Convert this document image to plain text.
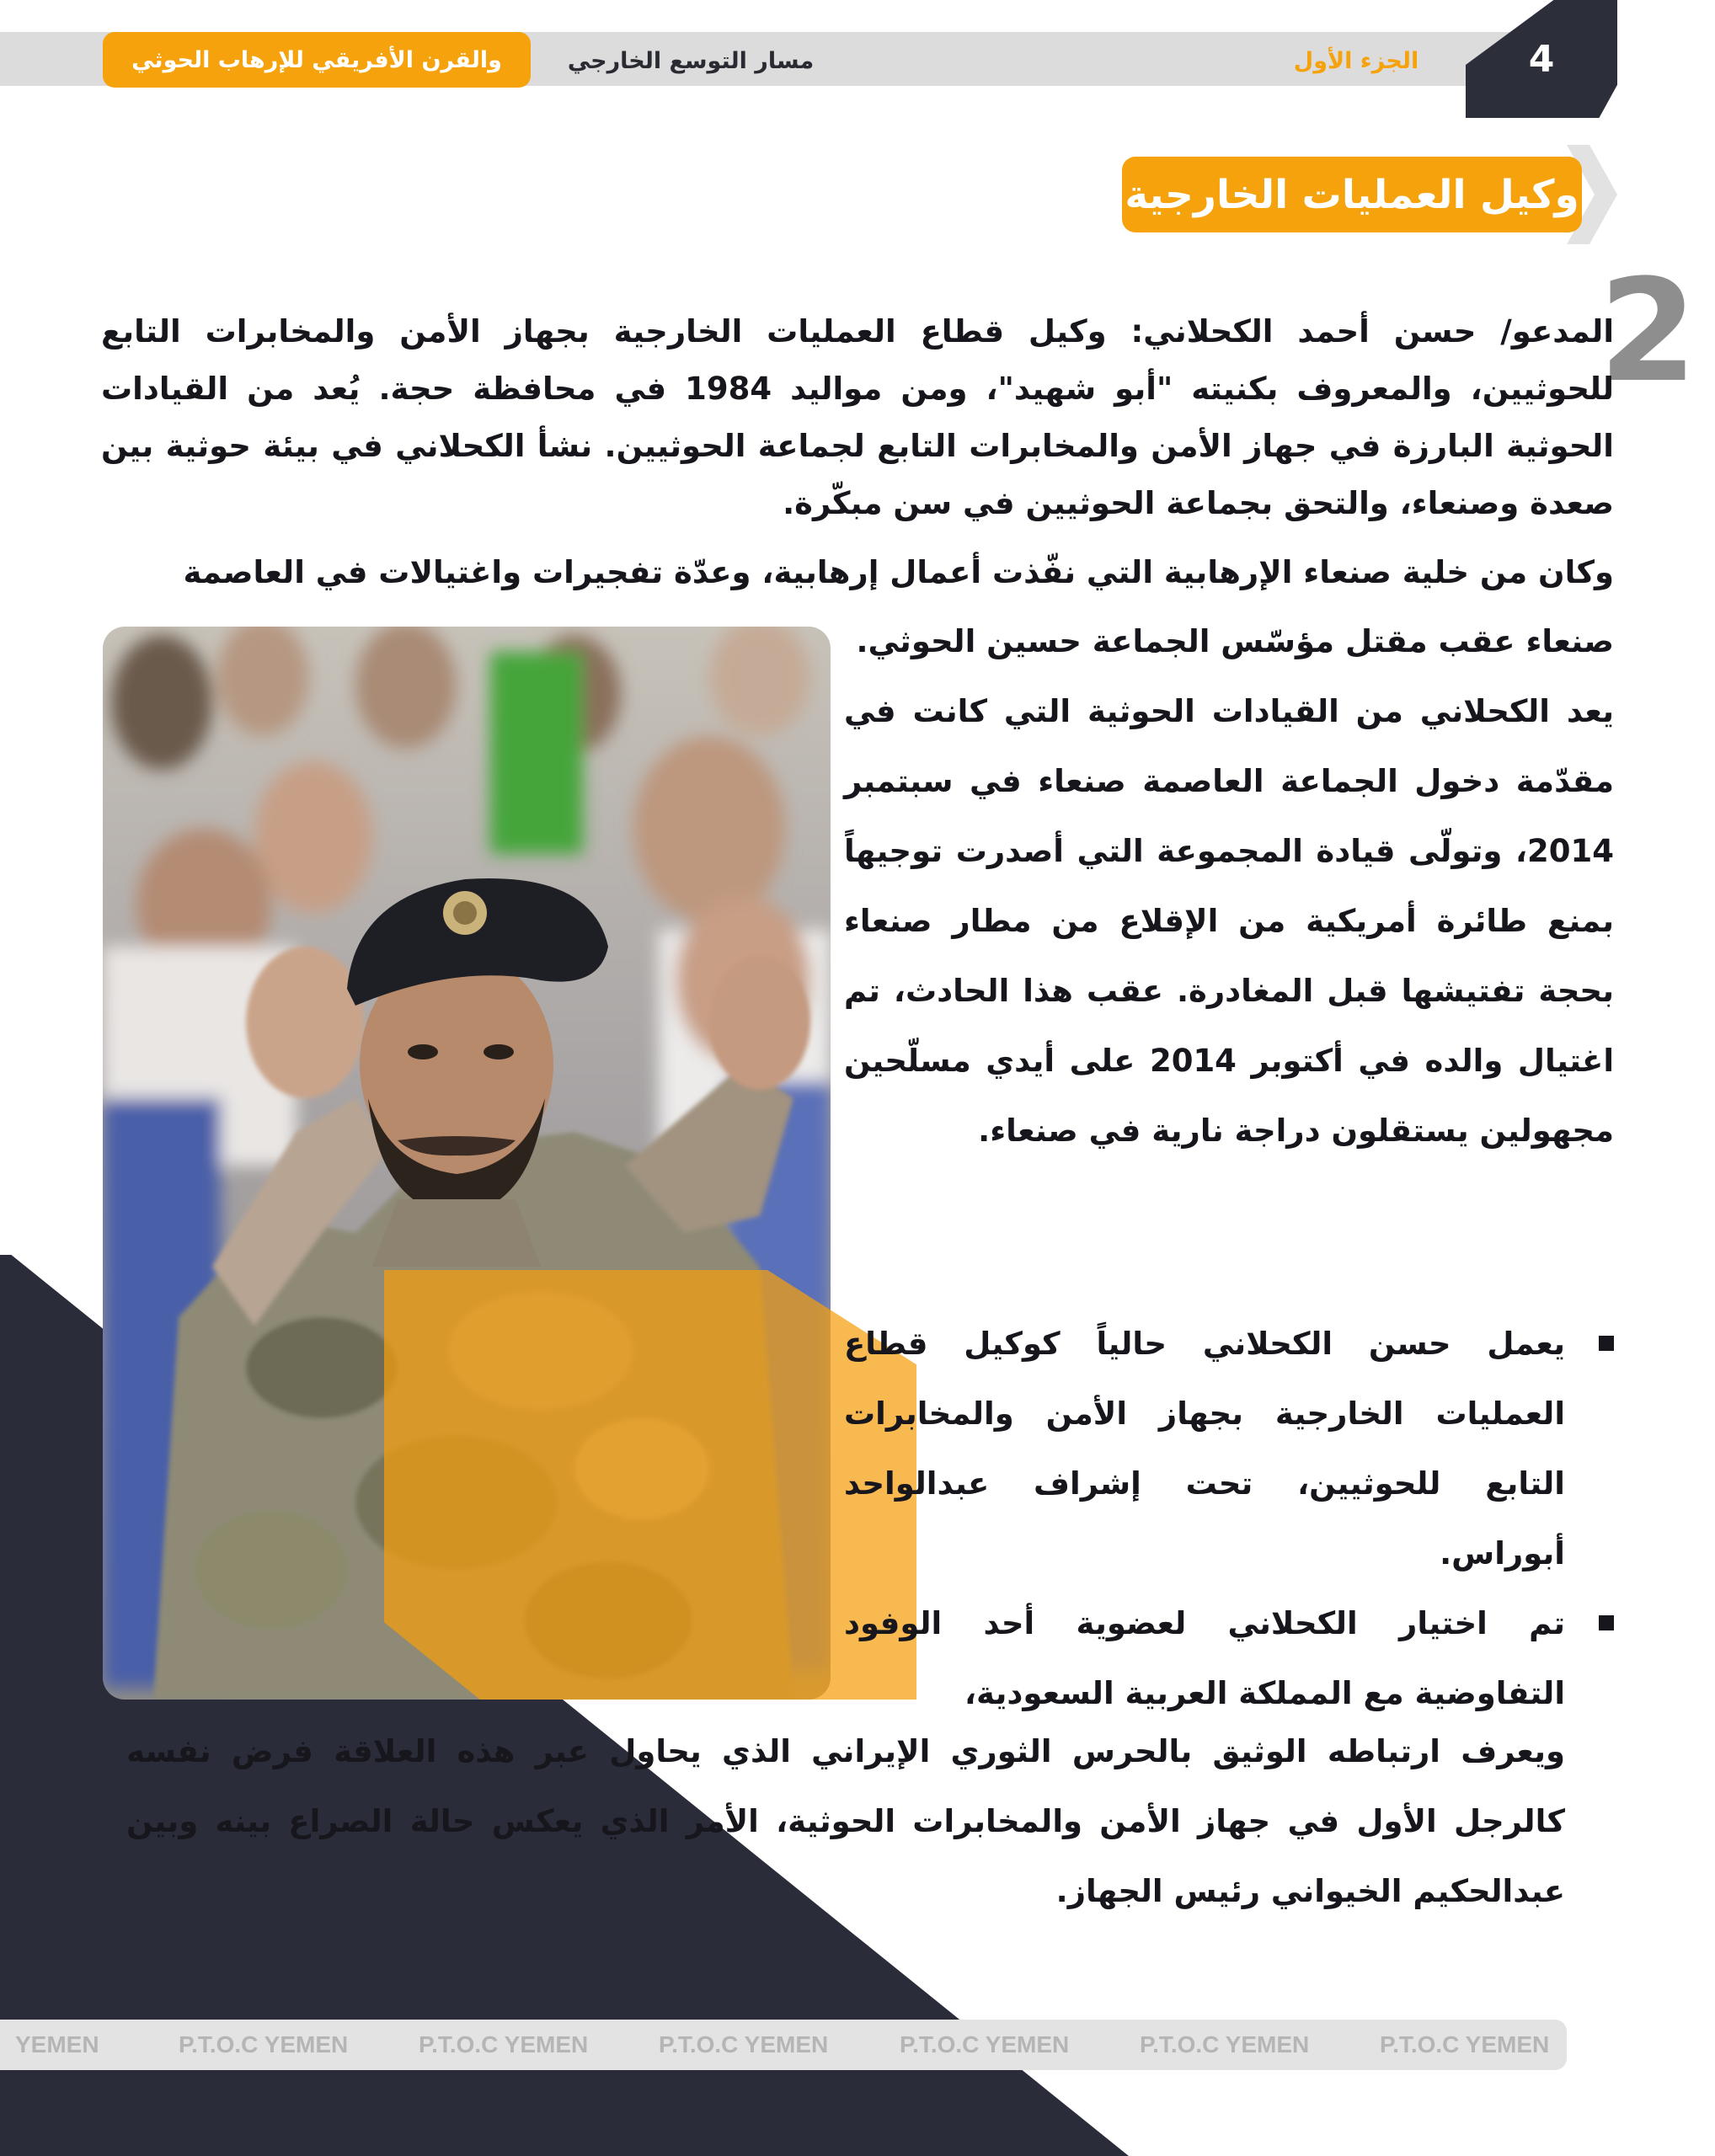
والقرن الأفريقي للإرهاب الحوثي	مسار التوسع الخارجي	الجزء الأول	4
وكيل العمليات الخارجية
2

المدعو/ حسن أحمد الكحلاني: وكيل قطاع العمليات الخارجية بجهاز الأمن والمخابرات التابع للحوثيين، والمعروف بكنيته "أبو شهيد"، ومن مواليد 1984 في محافظة حجة. يُعد من القيادات الحوثية البارزة في جهاز الأمن والمخابرات التابع لجماعة الحوثيين. نشأ الكحلاني في بيئة حوثية بين صعدة وصنعاء، والتحق بجماعة الحوثيين في سن مبكّرة.

وكان من خلية صنعاء الإرهابية التي نفّذت أعمال إرهابية، وعدّة تفجيرات واغتيالات في العاصمة

صنعاء عقب مقتل مؤسّس الجماعة حسين الحوثي.

يعد الكحلاني من القيادات الحوثية التي كانت في مقدّمة دخول الجماعة العاصمة صنعاء في سبتمبر 2014، وتولّى قيادة المجموعة التي أصدرت توجيهاً بمنع طائرة أمريكية من الإقلاع من مطار صنعاء بحجة تفتيشها قبل المغادرة. عقب هذا الحادث، تم اغتيال والده في أكتوبر 2014 على أيدي مسلّحين مجهولين يستقلون دراجة نارية في صنعاء.

يعمل حسن الكحلاني حالياً كوكيل قطاع العمليات الخارجية بجهاز الأمن والمخابرات التابع للحوثيين، تحت إشراف عبدالواحد أبوراس.
تم اختيار الكحلاني لعضوية أحد الوفود التفاوضية مع المملكة العربية السعودية،

ويعرف ارتباطه الوثيق بالحرس الثوري الإيراني الذي يحاول عبر هذه العلاقة فرض نفسه كالرجل الأول في جهاز الأمن والمخابرات الحوثية، الأمر الذي يعكس حالة الصراع بينه وبين عبدالحكيم الخيواني رئيس الجهاز.

YEMEN	P.T.O.C YEMEN	P.T.O.C YEMEN	P.T.O.C YEMEN	P.T.O.C YEMEN	P.T.O.C YEMEN	P.T.O.C YEMEN
